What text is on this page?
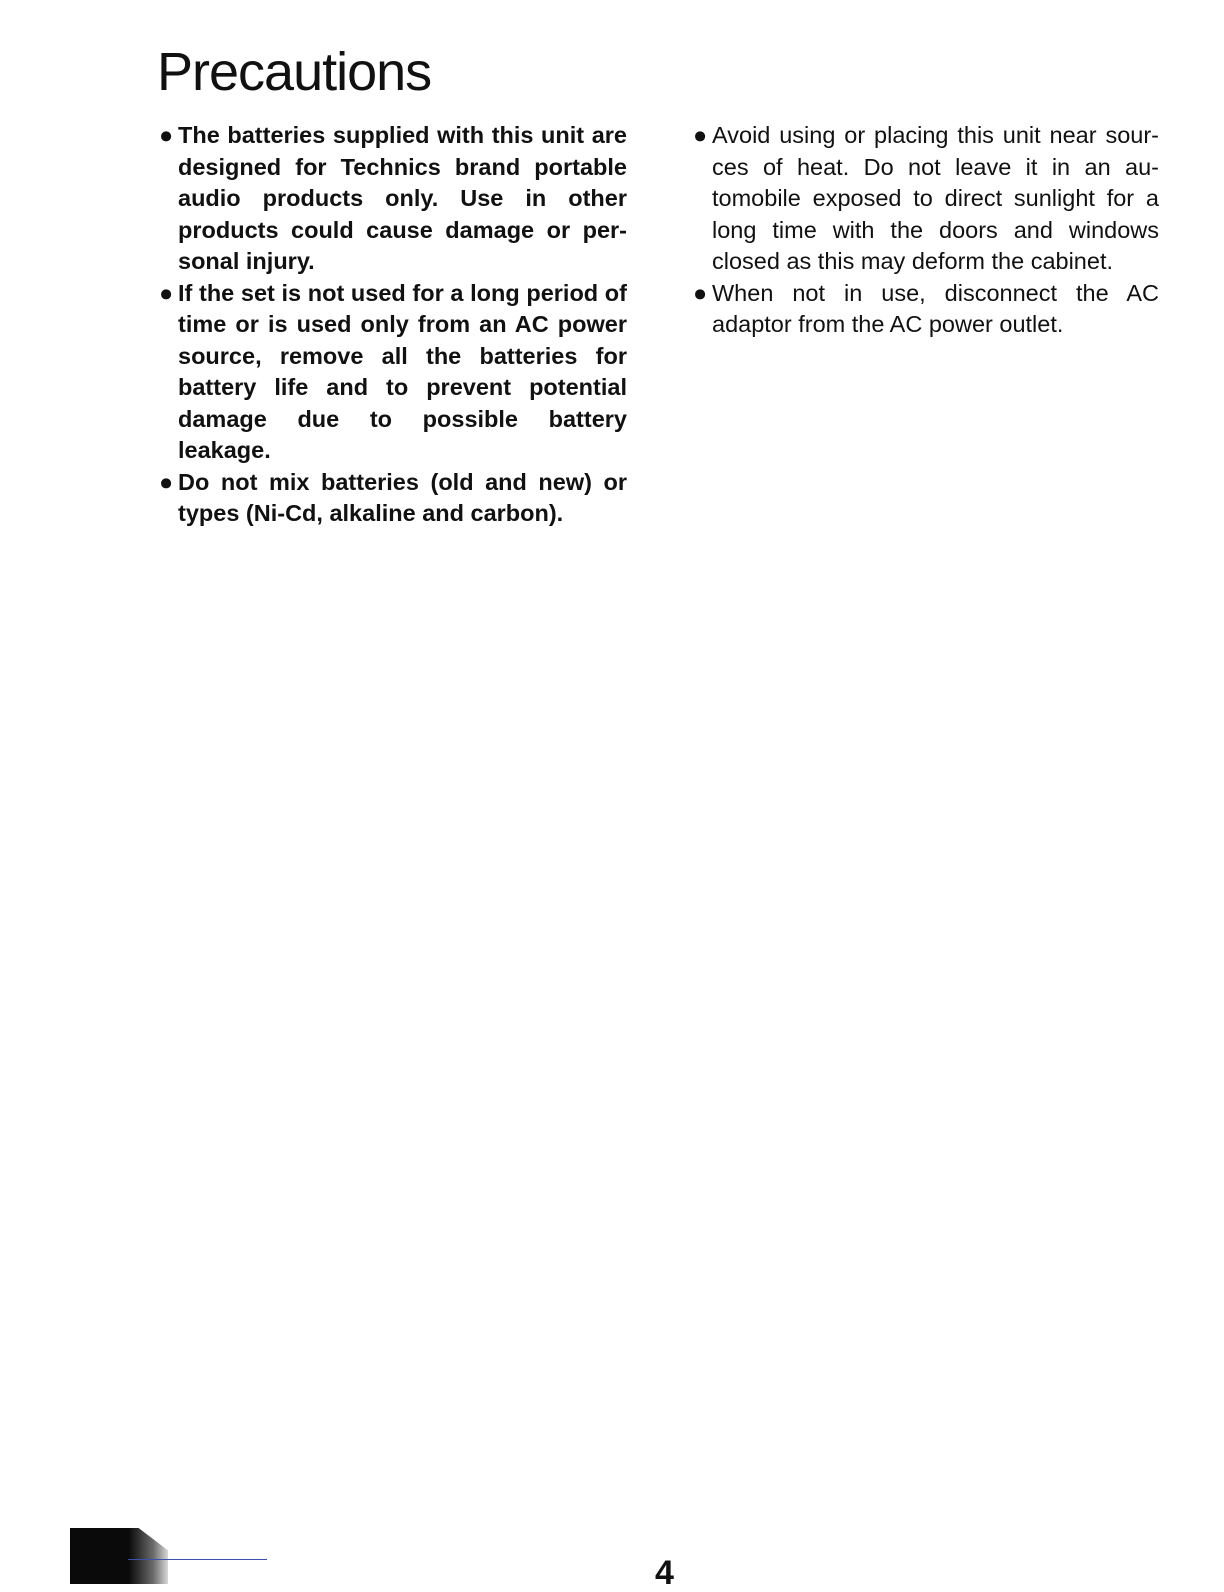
Precautions
● The batteries supplied with this unit are designed for Technics brand portable audio products only. Use in other products could cause damage or personal injury.
● If the set is not used for a long period of time or is used only from an AC power source, remove all the batteries for battery life and to prevent potential damage due to possible battery leakage.
● Do not mix batteries (old and new) or types (Ni-Cd, alkaline and carbon).
● Avoid using or placing this unit near sources of heat. Do not leave it in an automobile exposed to direct sunlight for a long time with the doors and windows closed as this may deform the cabinet.
● When not in use, disconnect the AC adaptor from the AC power outlet.
4
